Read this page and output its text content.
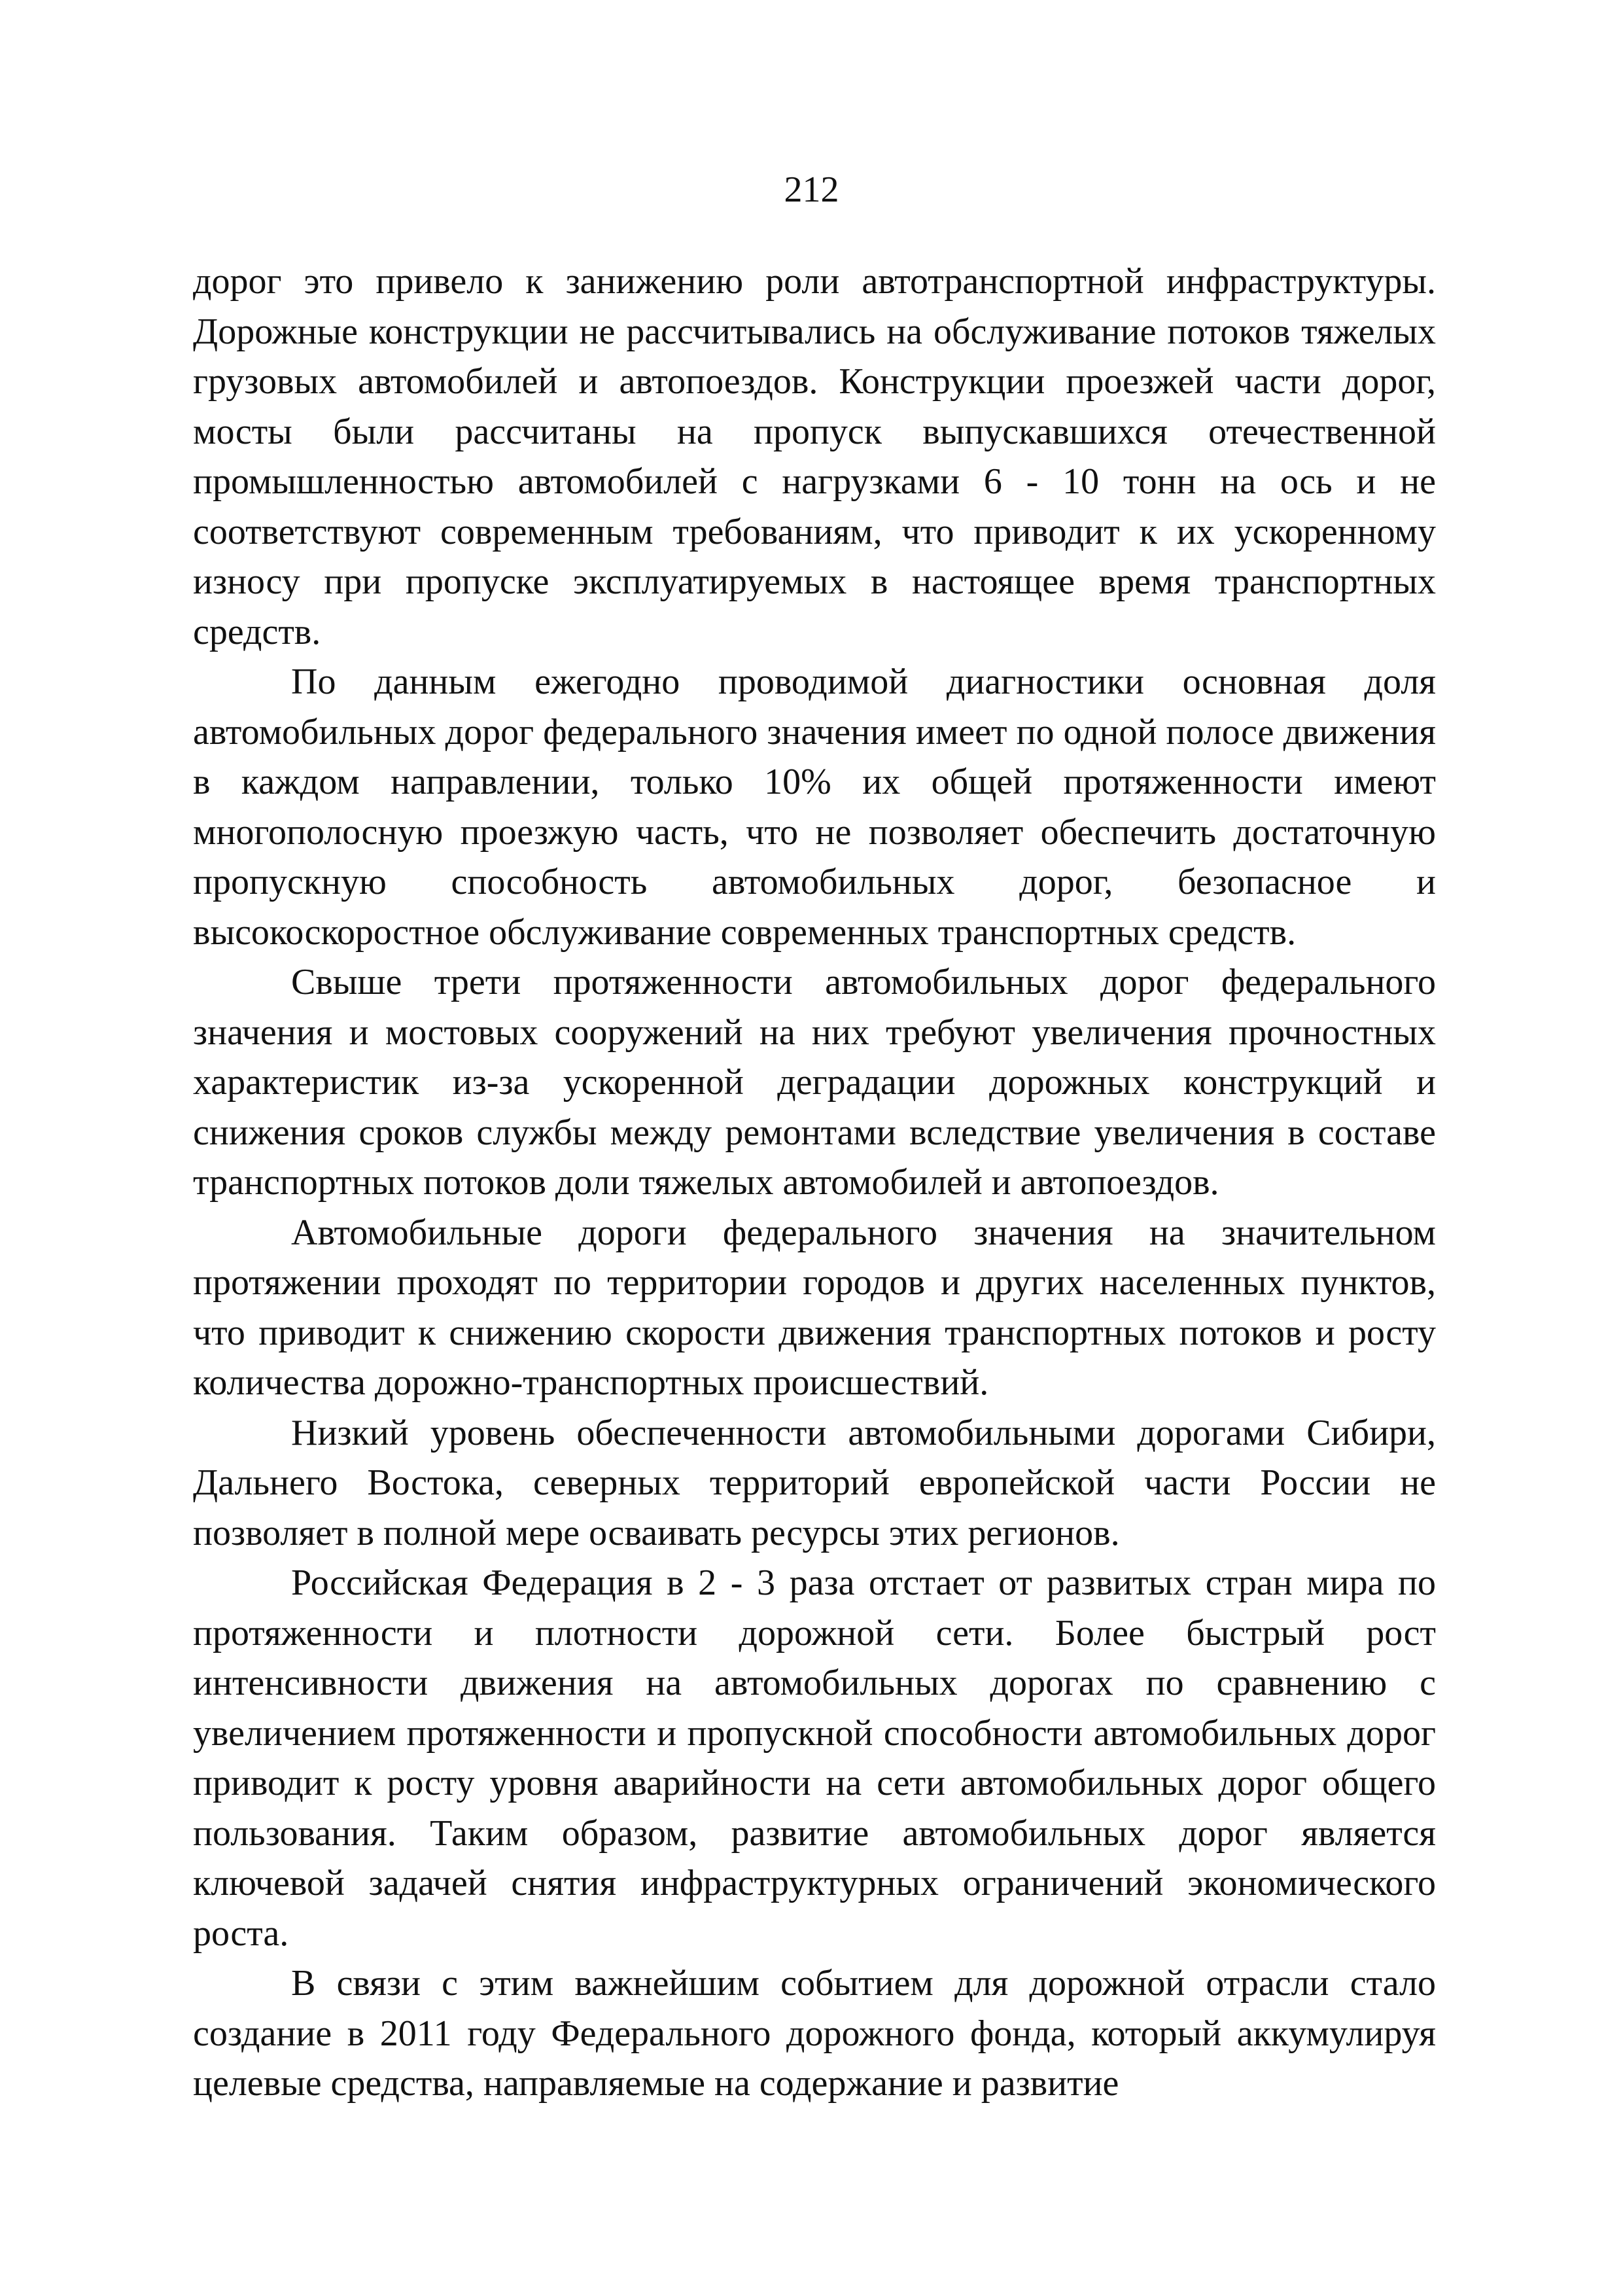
212

дорог это привело к занижению роли автотранспортной инфраструктуры. Дорожные конструкции не рассчитывались на обслуживание потоков тяжелых грузовых автомобилей и автопоездов. Конструкции проезжей части дорог, мосты были рассчитаны на пропуск выпускавшихся отечественной промышленностью автомобилей с нагрузками 6 - 10 тонн на ось и не соответствуют современным требованиям, что приводит к их ускоренному износу при пропуске эксплуатируемых в настоящее время транспортных средств.

По данным ежегодно проводимой диагностики основная доля автомобильных дорог федерального значения имеет по одной полосе движения в каждом направлении, только 10% их общей протяженности имеют многополосную проезжую часть, что не позволяет обеспечить достаточную пропускную способность автомобильных дорог, безопасное и высокоскоростное обслуживание современных транспортных средств.

Свыше трети протяженности автомобильных дорог федерального значения и мостовых сооружений на них требуют увеличения прочностных характеристик из-за ускоренной деградации дорожных конструкций и снижения сроков службы между ремонтами вследствие увеличения в составе транспортных потоков доли тяжелых автомобилей и автопоездов.

Автомобильные дороги федерального значения на значительном протяжении проходят по территории городов и других населенных пунктов, что приводит к снижению скорости движения транспортных потоков и росту количества дорожно-транспортных происшествий.

Низкий уровень обеспеченности автомобильными дорогами Сибири, Дальнего Востока, северных территорий европейской части России не позволяет в полной мере осваивать ресурсы этих регионов.

Российская Федерация в 2 - 3 раза отстает от развитых стран мира по протяженности и плотности дорожной сети. Более быстрый рост интенсивности движения на автомобильных дорогах по сравнению с увеличением протяженности и пропускной способности автомобильных дорог приводит к росту уровня аварийности на сети автомобильных дорог общего пользования. Таким образом, развитие автомобильных дорог является ключевой задачей снятия инфраструктурных ограничений экономического роста.

В связи с этим важнейшим событием для дорожной отрасли стало создание в 2011 году Федерального дорожного фонда, который аккумулируя целевые средства, направляемые на содержание и развитие
